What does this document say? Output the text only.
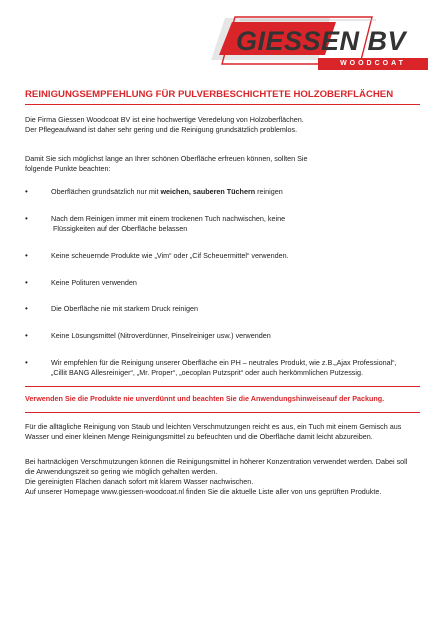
GIESSEN BV
WOODCOAT
REINIGUNGSEMPFEHLUNG FÜR PULVERBESCHICHTETE HOLZOBERFLÄCHEN
Die Firma Giessen Woodcoat BV ist eine hochwertige Veredelung von Holzoberflächen.
Der Pflegeaufwand ist daher sehr gering und die Reinigung grundsätzlich problemlos.
Damit Sie sich möglichst lange an Ihrer schönen Oberfläche erfreuen können, sollten Sie
folgende Punkte beachten:
•	Oberflächen grundsätzlich nur mit weichen, sauberen Tüchern reinigen
•	Nach dem Reinigen immer mit einem trockenen Tuch nachwischen, keine
Flüssigkeiten auf der Oberfläche belassen
•	Keine scheuernde Produkte wie „Vim“ oder „Cif Scheuermittel“ verwenden.
•	Keine Polituren verwenden
•	Die Oberfläche nie mit starkem Druck reinigen
•	Keine Lösungsmittel (Nitroverdünner, Pinselreiniger usw.) verwenden
•	Wir empfehlen für die Reinigung unserer Oberfläche ein PH – neutrales Produkt, wie z.B.„Ajax Professional“,
„Cillit BANG Allesreiniger“, „Mr. Proper“, „oecoplan Putzsprit“ oder auch herkömmlichen Putzessig.
Verwenden Sie die Produkte nie unverdünnt und beachten Sie die Anwendungshinweiseauf der Packung.
Für die alltägliche Reinigung von Staub und leichten Verschmutzungen reicht es aus, ein Tuch mit einem Gemisch aus
Wasser und einer kleinen Menge Reinigungsmittel zu befeuchten und die Oberfläche damit leicht abzureiben.
Bei hartnäckigen Verschmutzungen können die Reinigungsmittel in höherer Konzentration verwendet werden. Dabei soll
die Anwendungszeit so gering wie möglich gehalten werden.
Die gereinigten Flächen danach sofort mit klarem Wasser nachwischen.
Auf unserer Homepage www.giessen-woodcoat.nl finden Sie die aktuelle Liste aller von uns geprüften Produkte.
